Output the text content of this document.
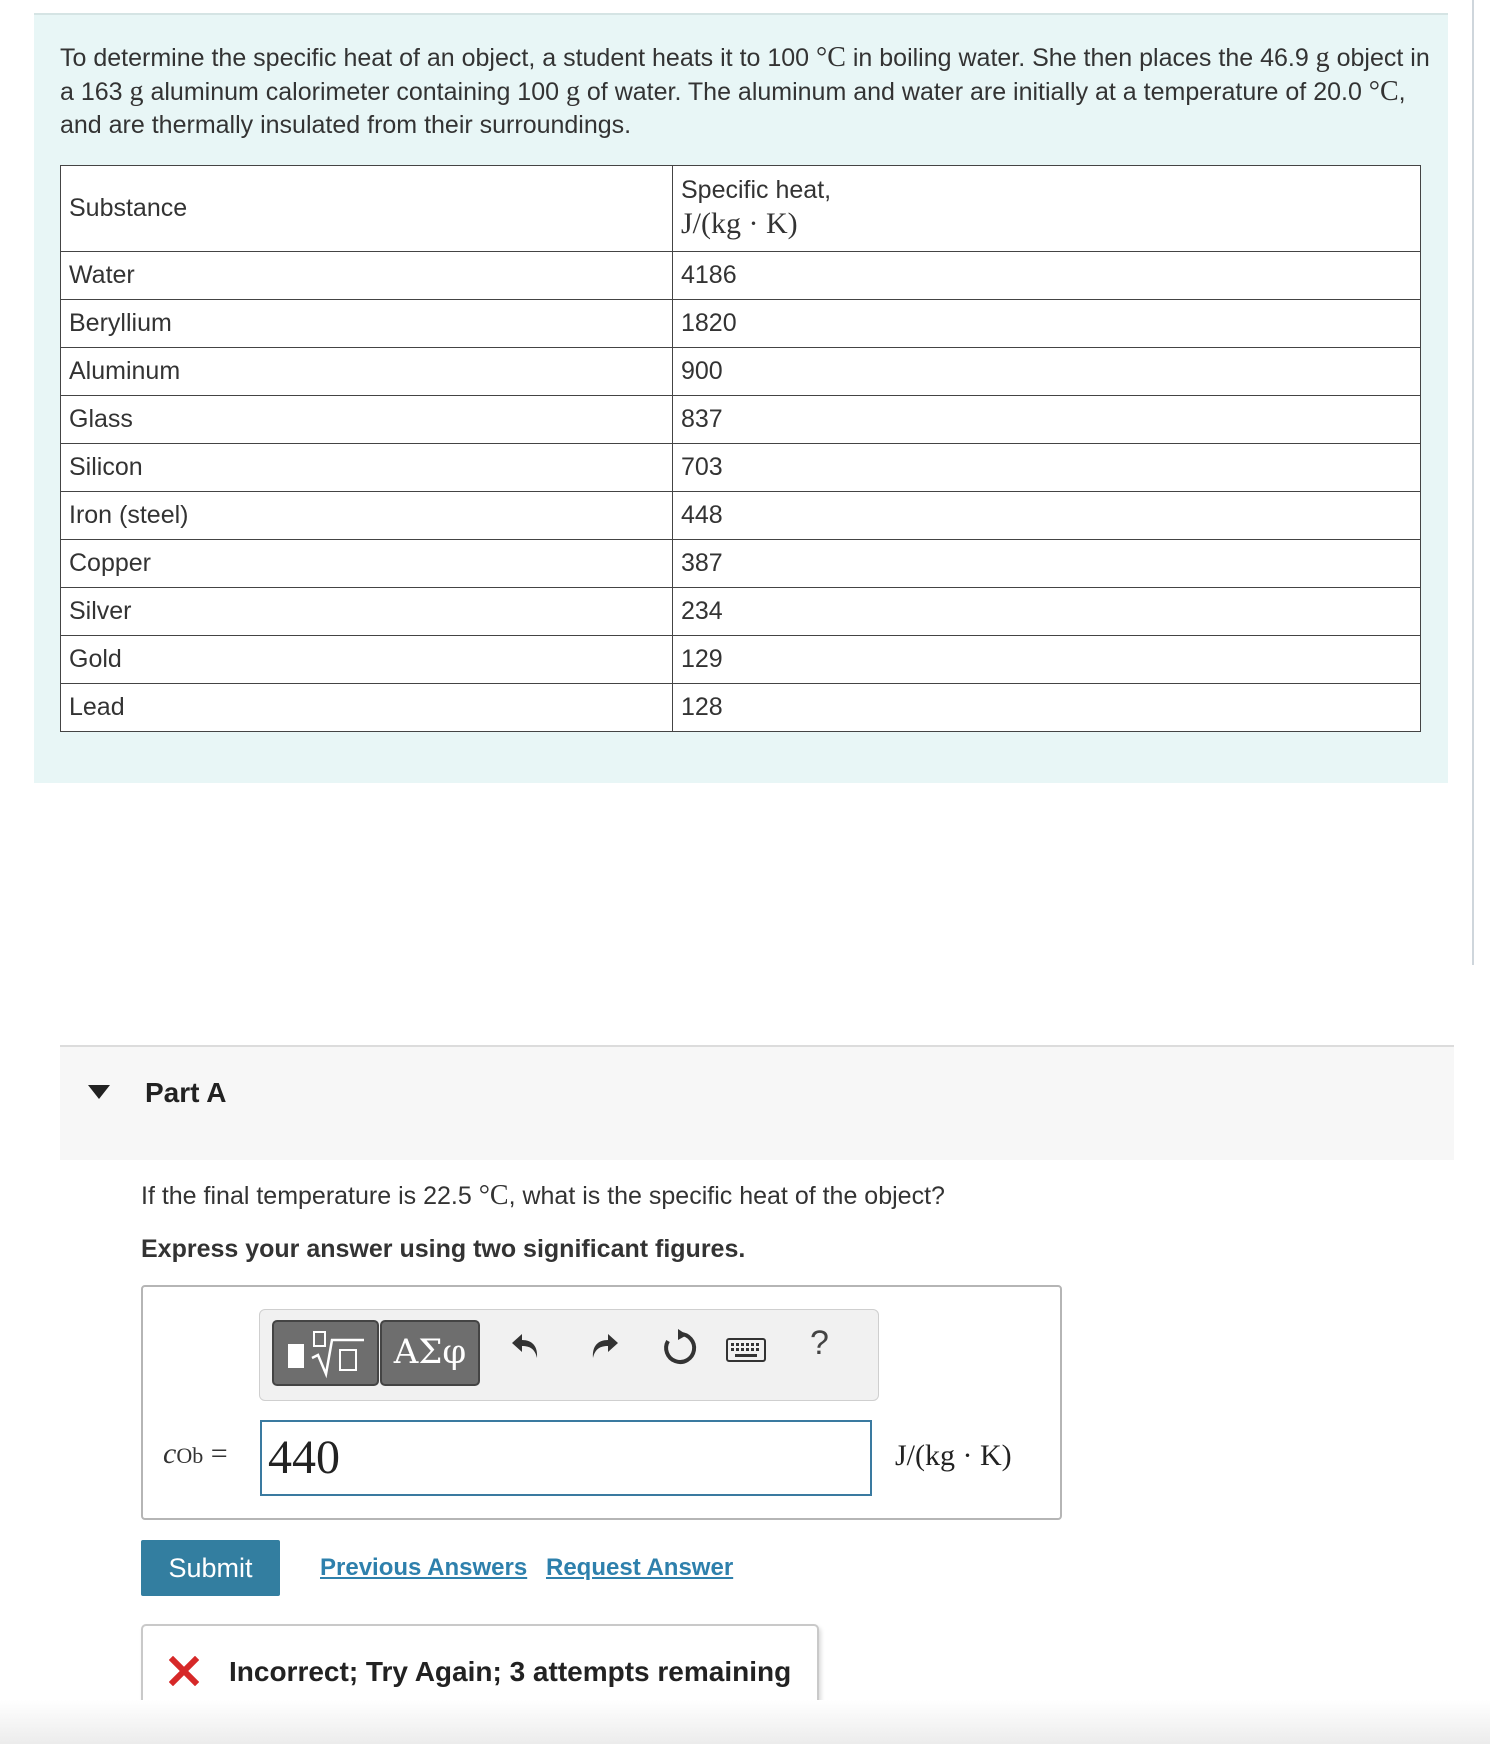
To determine the specific heat of an object, a student heats it to 100 °C in boiling water. She then places the 46.9 g object in a 163 g aluminum calorimeter containing 100 g of water. The aluminum and water are initially at a temperature of 20.0 °C, and are thermally insulated from their surroundings.
Substance	Specific heat,
J/(kg · K)

Water	4186
Beryllium	1820
Aluminum	900
Glass	837
Silicon	703
Iron (steel)	448
Copper	387
Silver	234
Gold	129
Lead	128
Part A
If the final temperature is 22.5 °C, what is the specific heat of the object?
Express your answer using two significant figures.
ΑΣφ	?
cOb = 440	J/(kg · K)
Submit	Previous Answers Request Answer
Incorrect; Try Again; 3 attempts remaining
